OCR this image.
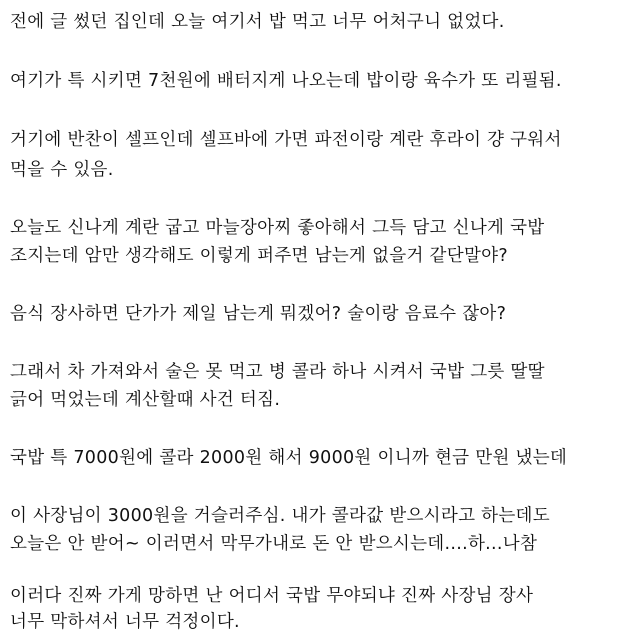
전에 글 썼던 집인데 오늘 여기서 밥 먹고 너무 어처구니 없었다.
여기가 특 시키면 7천원에 배터지게 나오는데 밥이랑 육수가 또 리필됨.
거기에 반찬이 셀프인데 셀프바에 가면 파전이랑 계란 후라이 걍 구워서
먹을 수 있음.
오늘도 신나게 계란 굽고 마늘장아찌 좋아해서 그득 담고 신나게 국밥
조지는데 암만 생각해도 이렇게 퍼주면 남는게 없을거 같단말야?
음식 장사하면 단가가 제일 남는게 뭐겠어? 술이랑 음료수 잖아?
그래서 차 가져와서 술은 못 먹고 병 콜라 하나 시켜서 국밥 그릇 딸딸
긁어 먹었는데 계산할때 사건 터짐.
국밥 특 7000원에 콜라 2000원 해서 9000원 이니까 현금 만원 냈는데
이 사장님이 3000원을 거슬러주심. 내가 콜라값 받으시라고 하는데도
오늘은 안 받어~ 이러면서 막무가내로 돈 안 받으시는데....하...나참
이러다 진짜 가게 망하면 난 어디서 국밥 무야되냐 진짜 사장님 장사
너무 막하셔서 너무 걱정이다.
